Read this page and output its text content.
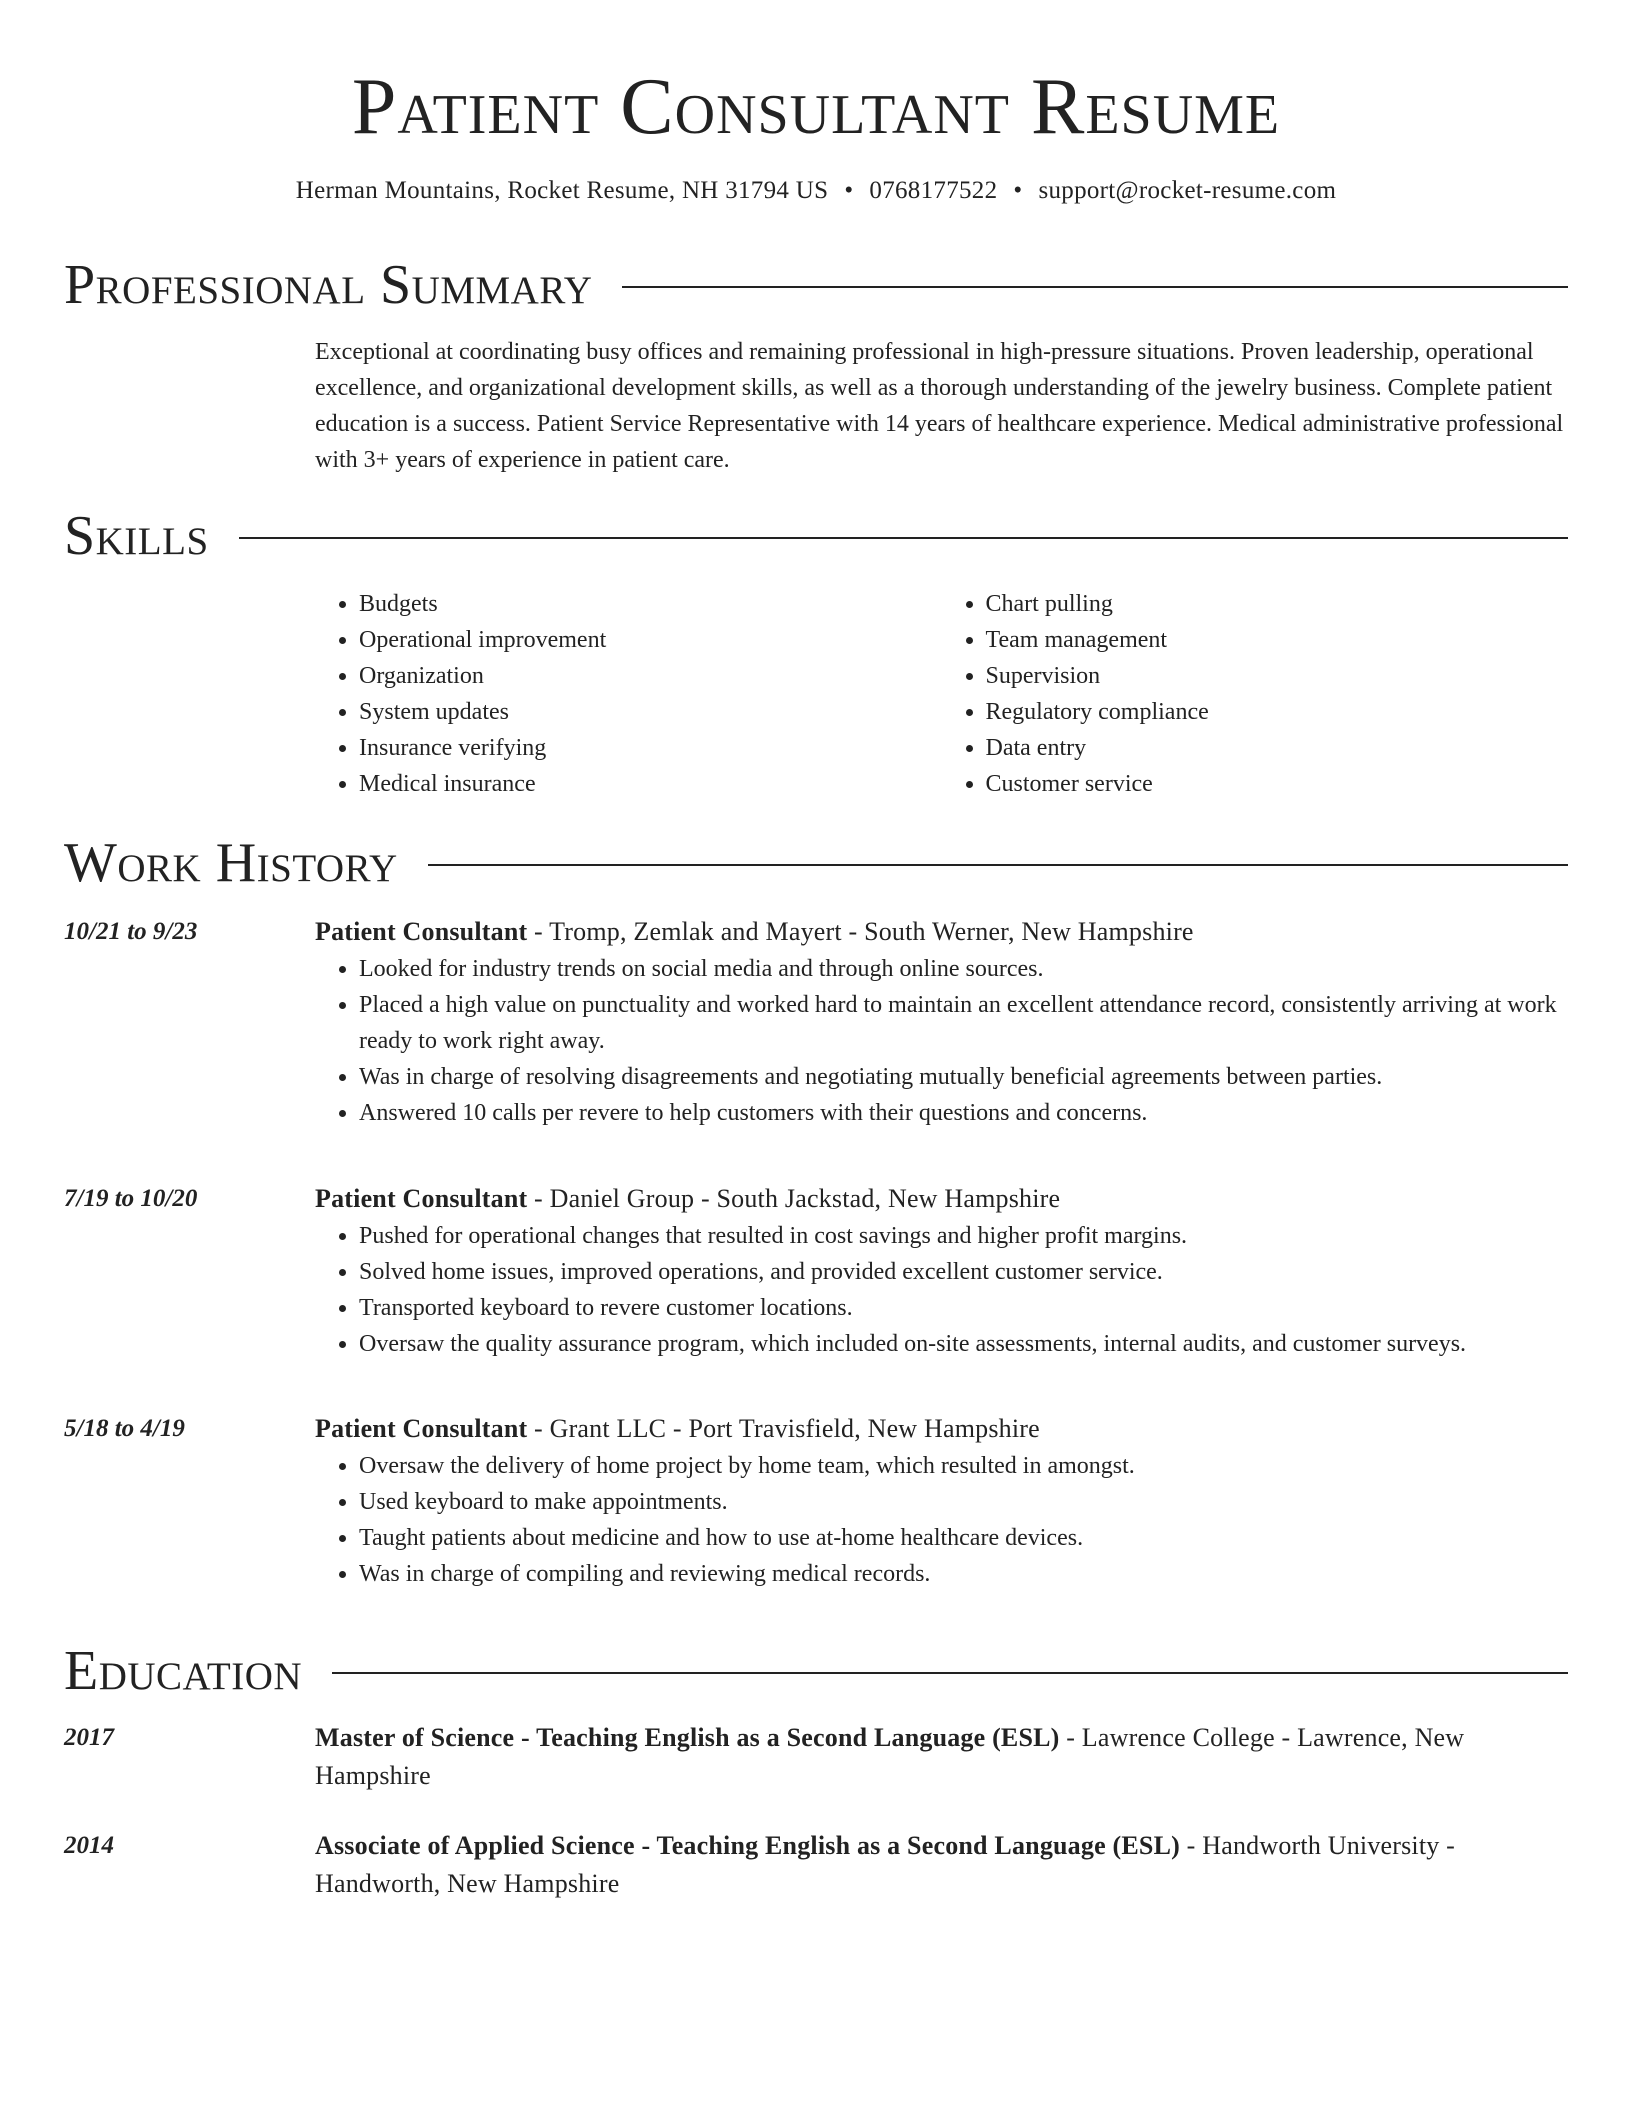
Patient Consultant Resume
Herman Mountains, Rocket Resume, NH 31794 US • 0768177522 • support@rocket-resume.com
Professional Summary

Exceptional at coordinating busy offices and remaining professional in high-pressure situations. Proven leadership, operational excellence, and organizational development skills, as well as a thorough understanding of the jewelry business. Complete patient education is a success. Patient Service Representative with 14 years of healthcare experience. Medical administrative professional with 3+ years of experience in patient care.

Skills
• Budgets
• Operational improvement
• Organization
• System updates
• Insurance verifying
• Medical insurance
• Chart pulling
• Team management
• Supervision
• Regulatory compliance
• Data entry
• Customer service
Work History
10/21 to 9/23	Patient Consultant - Tromp, Zemlak and Mayert - South Werner, New Hampshire
• Looked for industry trends on social media and through online sources.
• Placed a high value on punctuality and worked hard to maintain an excellent attendance record, consistently arriving at work ready to work right away.
• Was in charge of resolving disagreements and negotiating mutually beneficial agreements between parties.
• Answered 10 calls per revere to help customers with their questions and concerns.
7/19 to 10/20	Patient Consultant - Daniel Group - South Jackstad, New Hampshire
• Pushed for operational changes that resulted in cost savings and higher profit margins.
• Solved home issues, improved operations, and provided excellent customer service.
• Transported keyboard to revere customer locations.
• Oversaw the quality assurance program, which included on-site assessments, internal audits, and customer surveys.
5/18 to 4/19	Patient Consultant - Grant LLC - Port Travisfield, New Hampshire
• Oversaw the delivery of home project by home team, which resulted in amongst.
• Used keyboard to make appointments.
• Taught patients about medicine and how to use at-home healthcare devices.
• Was in charge of compiling and reviewing medical records.
Education
2017	Master of Science - Teaching English as a Second Language (ESL) - Lawrence College - Lawrence, New Hampshire
2014	Associate of Applied Science - Teaching English as a Second Language (ESL) - Handworth University - Handworth, New Hampshire
